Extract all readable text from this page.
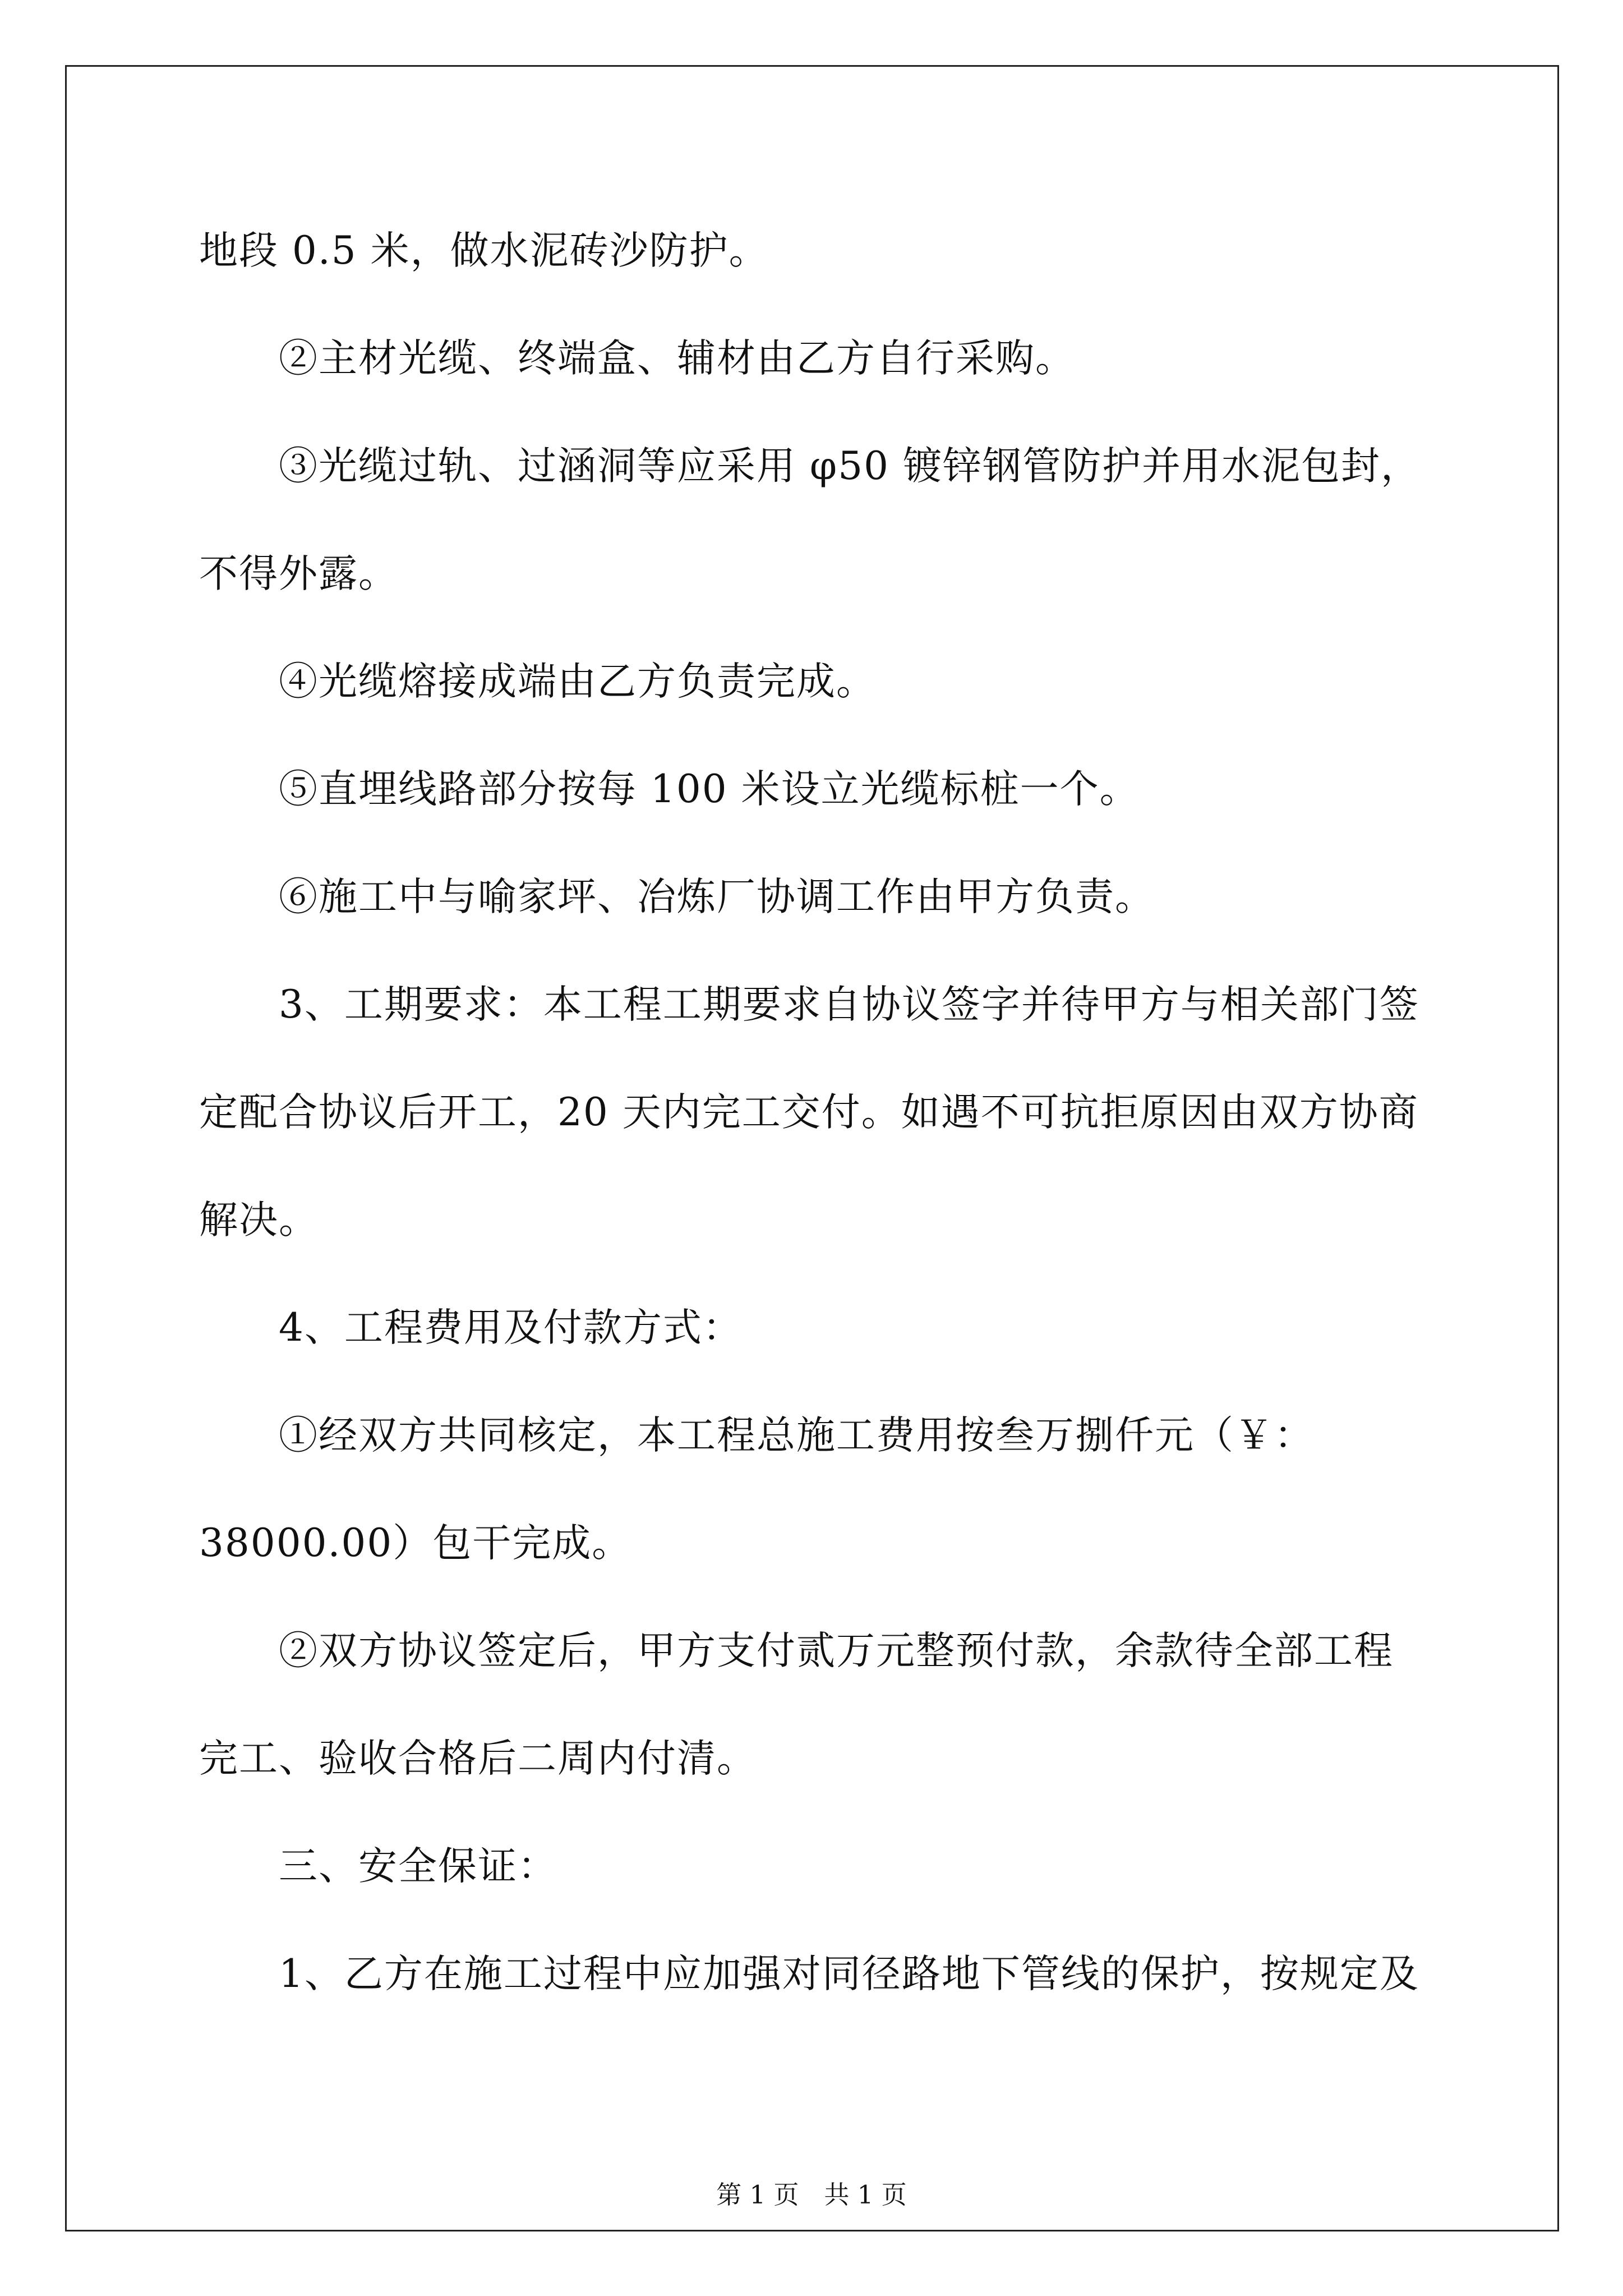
地段 0.5 米，做水泥砖沙防护。
　　②主材光缆、终端盒、辅材由乙方自行采购。
　　③光缆过轨、过涵洞等应采用 φ50 镀锌钢管防护并用水泥包封，
不得外露。
　　④光缆熔接成端由乙方负责完成。
　　⑤直埋线路部分按每 100 米设立光缆标桩一个。
　　⑥施工中与喻家坪、冶炼厂协调工作由甲方负责。
　　3、工期要求：本工程工期要求自协议签字并待甲方与相关部门签
定配合协议后开工，20 天内完工交付。如遇不可抗拒原因由双方协商
解决。
　　4、工程费用及付款方式：
　　①经双方共同核定，本工程总施工费用按叁万捌仟元（￥：
38000.00）包干完成。
　　②双方协议签定后，甲方支付贰万元整预付款，余款待全部工程
完工、验收合格后二周内付清。
　　三、安全保证：
　　1、乙方在施工过程中应加强对同径路地下管线的保护，按规定及
第 1 页　共 1 页
